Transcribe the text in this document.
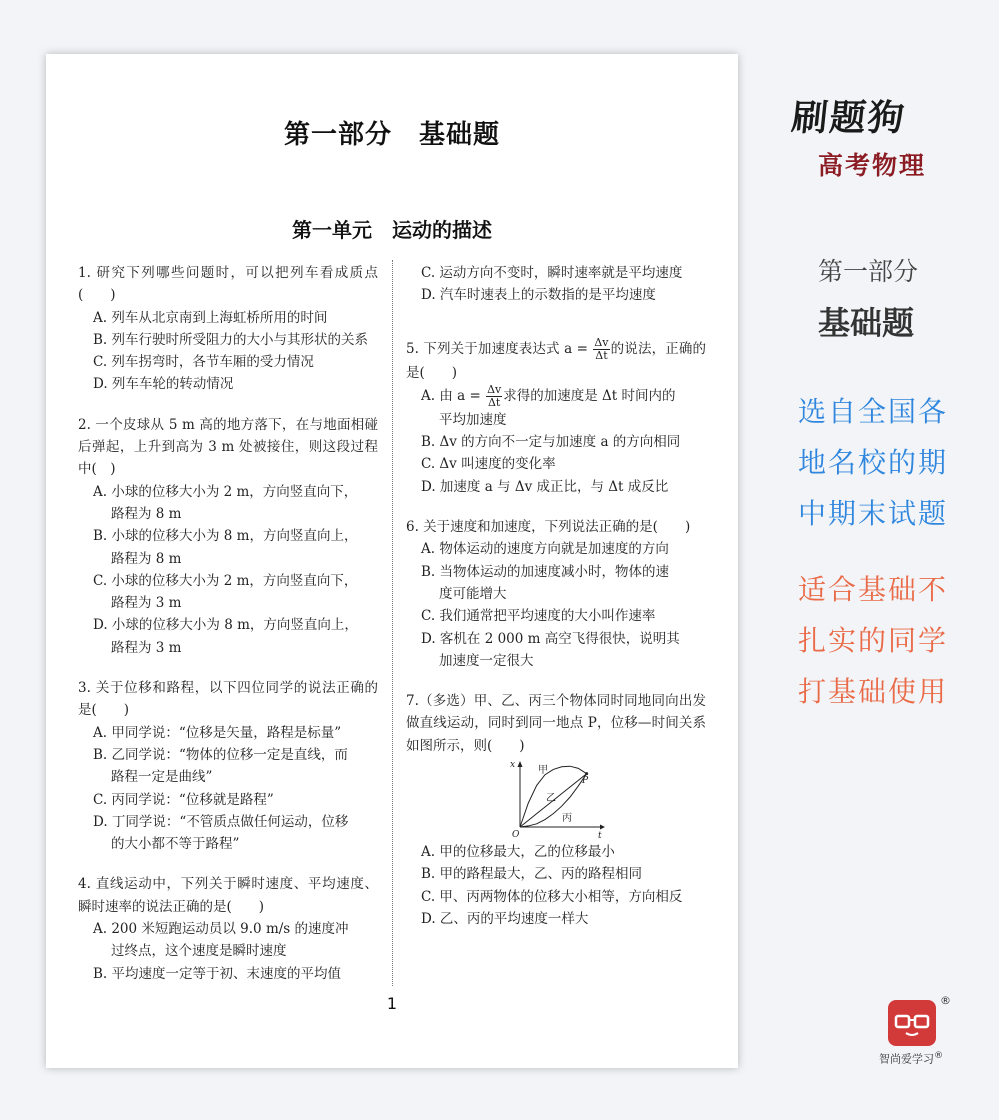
第一部分　基础题
第一单元　运动的描述
1. 研究下列哪些问题时，可以把列车看成质点(　　)
A. 列车从北京南到上海虹桥所用的时间
B. 列车行驶时所受阻力的大小与其形状的关系
C. 列车拐弯时，各节车厢的受力情况
D. 列车车轮的转动情况
2. 一个皮球从 5 m 高的地方落下，在与地面相碰后弹起，上升到高为 3 m 处被接住，则这段过程中(　)
A. 小球的位移大小为 2 m，方向竖直向下，
路程为 8 m
B. 小球的位移大小为 8 m，方向竖直向上，
路程为 8 m
C. 小球的位移大小为 2 m，方向竖直向下，
路程为 3 m
D. 小球的位移大小为 8 m，方向竖直向上，
路程为 3 m
3. 关于位移和路程，以下四位同学的说法正确的是(　　)
A. 甲同学说：“位移是矢量，路程是标量”
B. 乙同学说：“物体的位移一定是直线，而
路程一定是曲线”
C. 丙同学说：“位移就是路程”
D. 丁同学说：“不管质点做任何运动，位移
的大小都不等于路程”
4. 直线运动中，下列关于瞬时速度、平均速度、瞬时速率的说法正确的是(　　)
A. 200 米短跑运动员以 9.0 m/s 的速度冲
过终点，这个速度是瞬时速度
B. 平均速度一定等于初、末速度的平均值
C. 运动方向不变时，瞬时速率就是平均速度
D. 汽车时速表上的示数指的是平均速度
5. 下列关于加速度表达式 $a = \frac{\Delta v}{\Delta t}$ 的说法，正确的是(　　)
A. 由 $a = \frac{\Delta v}{\Delta t}$ 求得的加速度是 Δt 时间内的
平均加速度
B. Δv 的方向不一定与加速度 a 的方向相同
C. Δv 叫速度的变化率
D. 加速度 a 与 Δv 成正比，与 Δt 成反比
6. 关于速度和加速度，下列说法正确的是(　　)
A. 物体运动的速度方向就是加速度的方向
B. 当物体运动的加速度减小时，物体的速
度可能增大
C. 我们通常把平均速度的大小叫作速率
D. 客机在 2 000 m 高空飞得很快，说明其
加速度一定很大
7.（多选）甲、乙、丙三个物体同时同地同向出发做直线运动，同时到同一地点 P，位移—时间关系如图所示，则(　　)
x
t
O
P
甲
乙
丙
A. 甲的位移最大，乙的位移最小
B. 甲的路程最大，乙、丙的路程相同
C. 甲、丙两物体的位移大小相等，方向相反
D. 乙、丙的平均速度一样大
1
刷题狗
高考物理
第一部分
基础题
选自全国各
地名校的期
中期末试题
适合基础不
扎实的同学
打基础使用
®
智尚爱学习®
